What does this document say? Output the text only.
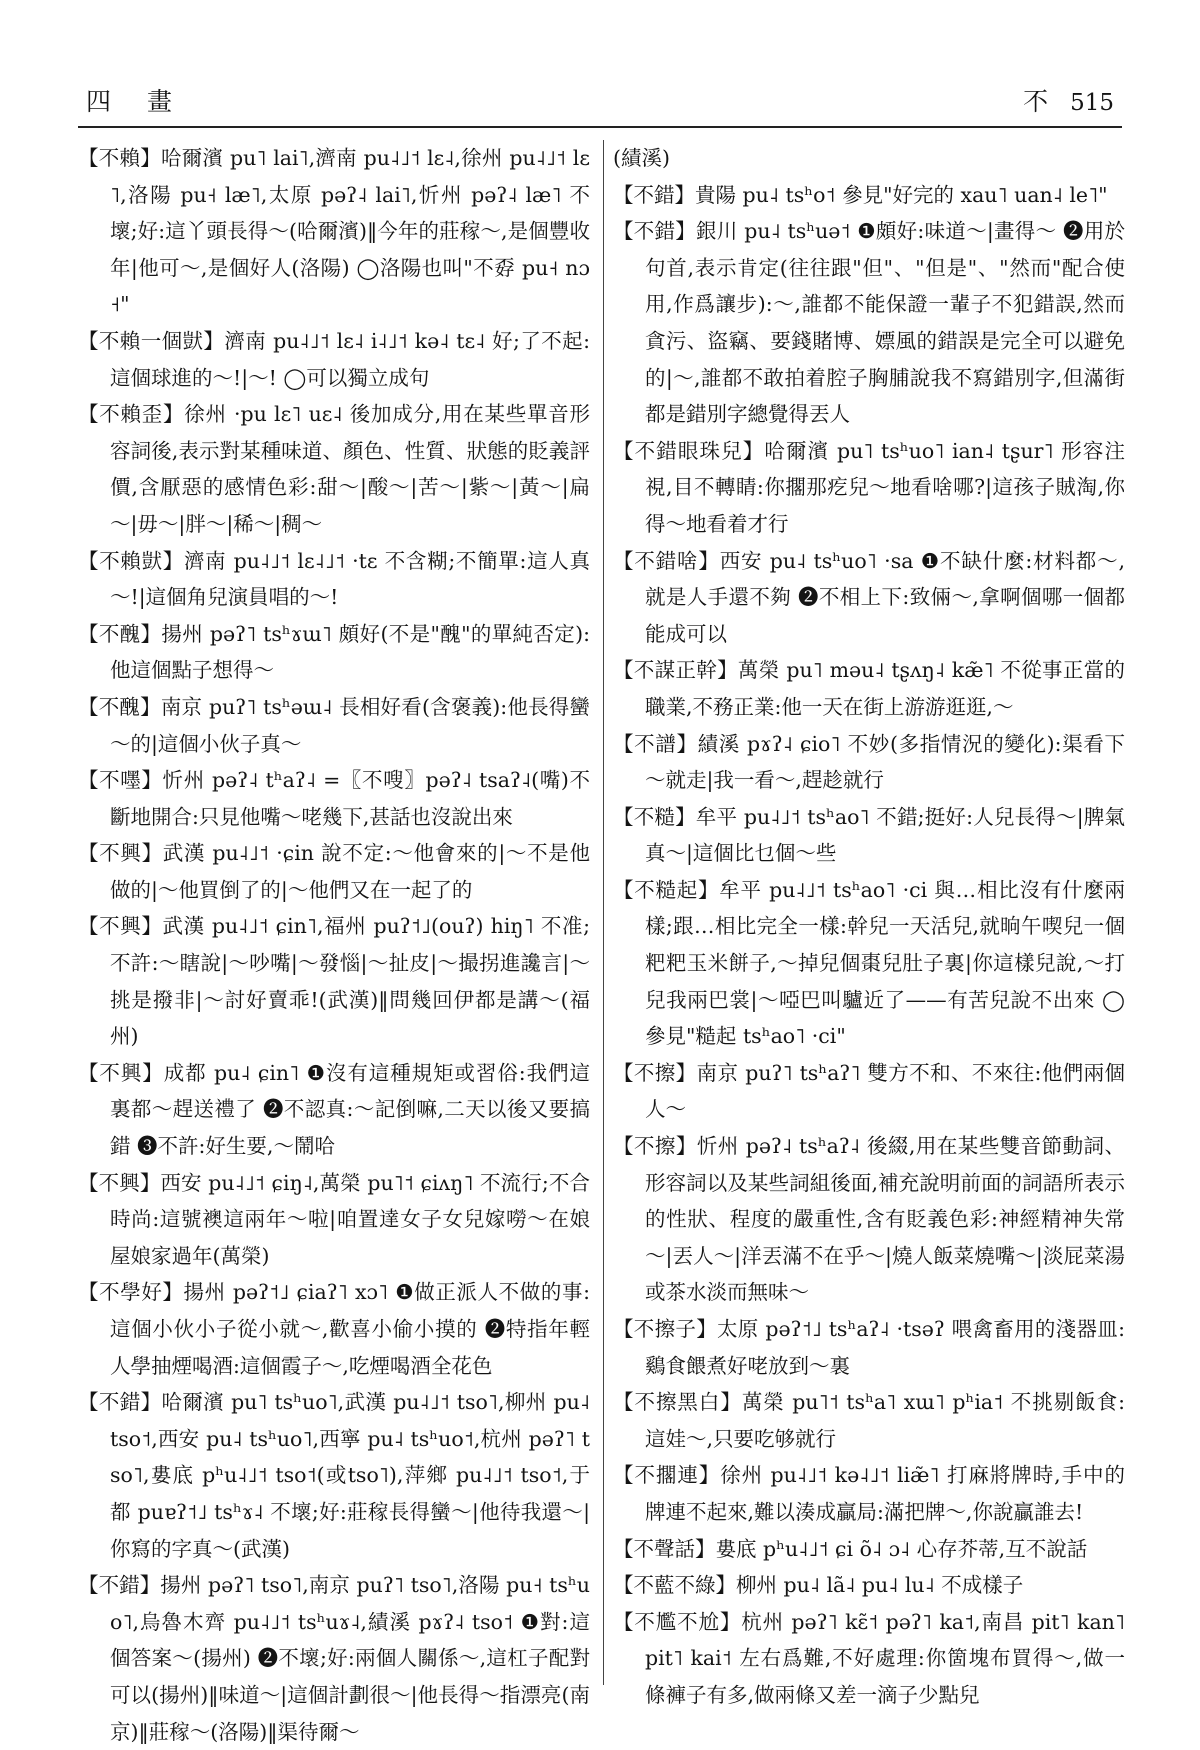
四 畫	不 515

【不賴】哈爾濱 pu˥ lai˥,濟南 pu˨˩˦ lɛ˨,徐州 pu˨˩˦ lɛ˥,洛陽 pu˧ læ˥,太原 pəʔ˨ lai˥,忻州 pəʔ˨ læ˥ 不壞;好:這丫頭長得～(哈爾濱)‖今年的莊稼～,是個豐收年|他可～,是個好人(洛陽) ◯洛陽也叫"不孬 pu˧ nɔ˧"

【不賴一個獃】濟南 pu˨˩˦ lɛ˨ i˨˩˦ kə˨ tɛ˨ 好;了不起:這個球進的～!|～! ◯可以獨立成句

【不賴歪】徐州 ·pu lɛ˥ uɛ˨ 後加成分,用在某些單音形容詞後,表示對某種味道、顏色、性質、狀態的貶義評價,含厭惡的感情色彩:甜～|酸～|苦～|紫～|黃～|扁～|毋～|胖～|稀～|稠～

【不賴獃】濟南 pu˨˩˦ lɛ˨˩˦ ·tɛ 不含糊;不簡單:這人真～!|這個角兒演員唱的～!

【不醜】揚州 pəʔ˥ tsʰɤɯ˥ 頗好(不是"醜"的單純否定):他這個點子想得～

【不醜】南京 puʔ˥ tsʰəɯ˨ 長相好看(含褒義):他長得蠻～的|這個小伙子真～

【不嚜】忻州 pəʔ˨ tʰaʔ˨ =〖不嗖〗pəʔ˨ tsaʔ˨(嘴)不斷地開合:只見他嘴～咾幾下,甚話也沒說出來

【不興】武漢 pu˨˩˦ ·ɕin 說不定:～他會來的|～不是他做的|～他買倒了的|～他們又在一起了的

【不興】武漢 pu˨˩˦ ɕin˥,福州 puʔ˦˩(ouʔ) hiŋ˥ 不准;不許:～瞎說|～吵嘴|～發惱|～扯皮|～撮拐進讒言|～挑是撥非|～討好賣乖!(武漢)‖問幾回伊都是講～(福州)

【不興】成都 pu˨ ɕin˥ ❶沒有這種規矩或習俗:我們這裏都～趕送禮了 ❷不認真:～記倒嘛,二天以後又要搞錯 ❸不許:好生要,～鬧哈

【不興】西安 pu˨˩˦ ɕiŋ˨,萬榮 pu˥˦ ɕiʌŋ˥ 不流行;不合時尚:這號襖這兩年～啦|咱置達女子女兒嫁嘮～在娘屋娘家過年(萬榮)

【不學好】揚州 pəʔ˦˩ ɕiaʔ˥ xɔ˥ ❶做正派人不做的事:這個小伙小子從小就～,歡喜小偷小摸的 ❷特指年輕人學抽煙喝酒:這個霞子～,吃煙喝酒全花色

【不錯】哈爾濱 pu˥ tsʰuo˥,武漢 pu˨˩˦ tso˥,柳州 pu˨ tso˦,西安 pu˨ tsʰuo˥,西寧 pu˨ tsʰuo˦,杭州 pəʔ˥ tso˥,婁底 pʰu˨˩˦ tso˦(或tso˥),萍鄉 pu˨˩˦ tso˦,于都 puɐʔ˦˩ tsʰɤ˨ 不壞;好:莊稼長得蠻～|他待我還～|你寫的字真～(武漢)

【不錯】揚州 pəʔ˥ tso˥,南京 puʔ˥ tso˥,洛陽 pu˧ tsʰuo˥,烏魯木齊 pu˨˩˦ tsʰuɤ˨,績溪 pɤʔ˨ tso˦ ❶對:這個答案～(揚州) ❷不壞;好:兩個人關係～,這杠子配對可以(揚州)‖味道～|這個計劃很～|他長得～指漂亮(南京)‖莊稼～(洛陽)‖渠待爾～

(績溪)

【不錯】貴陽 pu˨ tsʰo˦ 參見"好完的 xau˥ uan˨ le˥"

【不錯】銀川 pu˨ tsʰuə˦ ❶頗好:味道～|畫得～ ❷用於句首,表示肯定(往往跟"但"、"但是"、"然而"配合使用,作爲讓步):～,誰都不能保證一輩子不犯錯誤,然而貪污、盜竊、要錢賭博、嫖風的錯誤是完全可以避免的|～,誰都不敢拍着腔子胸脯說我不寫錯別字,但滿街都是錯別字總覺得丟人

【不錯眼珠兒】哈爾濱 pu˥ tsʰuo˥ ian˨ tʂur˥ 形容注視,目不轉睛:你擱那疙兒～地看啥哪?|這孩子賊淘,你得～地看着才行

【不錯啥】西安 pu˨ tsʰuo˥ ·sa ❶不缺什麼:材料都～,就是人手還不夠 ❷不相上下:致倆～,拿啊個哪一個都能成可以

【不謀正幹】萬榮 pu˥ məu˨ tʂʌŋ˨ kæ̃˥ 不從事正當的職業,不務正業:他一天在街上游游逛逛,～

【不譜】績溪 pɤʔ˨ ɕio˥ 不妙(多指情況的變化):渠看下～就走|我一看～,趕趁就行

【不糙】牟平 pu˨˩˦ tsʰao˥ 不錯;挺好:人兒長得～|脾氣真～|這個比乜個～些

【不糙起】牟平 pu˨˩˦ tsʰao˥ ·ci 與…相比沒有什麼兩樣;跟…相比完全一樣:幹兒一天活兒,就晌午喫兒一個粑粑玉米餅子,～掉兒個棗兒肚子裏|你這樣兒說,～打兒我兩巴裳|～啞巴叫驢近了——有苦兒說不出來 ◯參見"糙起 tsʰao˥ ·ci"

【不擦】南京 puʔ˥ tsʰaʔ˥ 雙方不和、不來往:他們兩個人～

【不擦】忻州 pəʔ˨ tsʰaʔ˨ 後綴,用在某些雙音節動詞、形容詞以及某些詞組後面,補充說明前面的詞語所表示的性狀、程度的嚴重性,含有貶義色彩:神經精神失常～|丟人～|洋丟滿不在乎～|燒人飯菜燒嘴～|淡屁菜湯或茶水淡而無味～

【不擦子】太原 pəʔ˦˩ tsʰaʔ˨ ·tsəʔ 喂禽畜用的淺器皿:鷄食餵煮好咾放到～裏

【不擦黑白】萬榮 pu˥˦ tsʰa˥ xɯ˥ pʰia˦ 不挑剔飯食:這娃～,只要吃够就行

【不擱連】徐州 pu˨˩˦ kə˨˩˦ liæ̃˥ 打麻將牌時,手中的牌連不起來,難以湊成贏局:滿把牌～,你說贏誰去!

【不聲話】婁底 pʰu˨˩˦ ɕi õ˨ ɔ˨ 心存芥蒂,互不說話

【不藍不綠】柳州 pu˨ lã˨ pu˨ lu˨ 不成樣子

【不尷不尬】杭州 pəʔ˥ kɛ̃˦ pəʔ˥ ka˦,南昌 pit˥ kan˥ pit˥ kai˦ 左右爲難,不好處理:你箇塊布買得～,做一條褲子有多,做兩條又差一滴子少點兒
